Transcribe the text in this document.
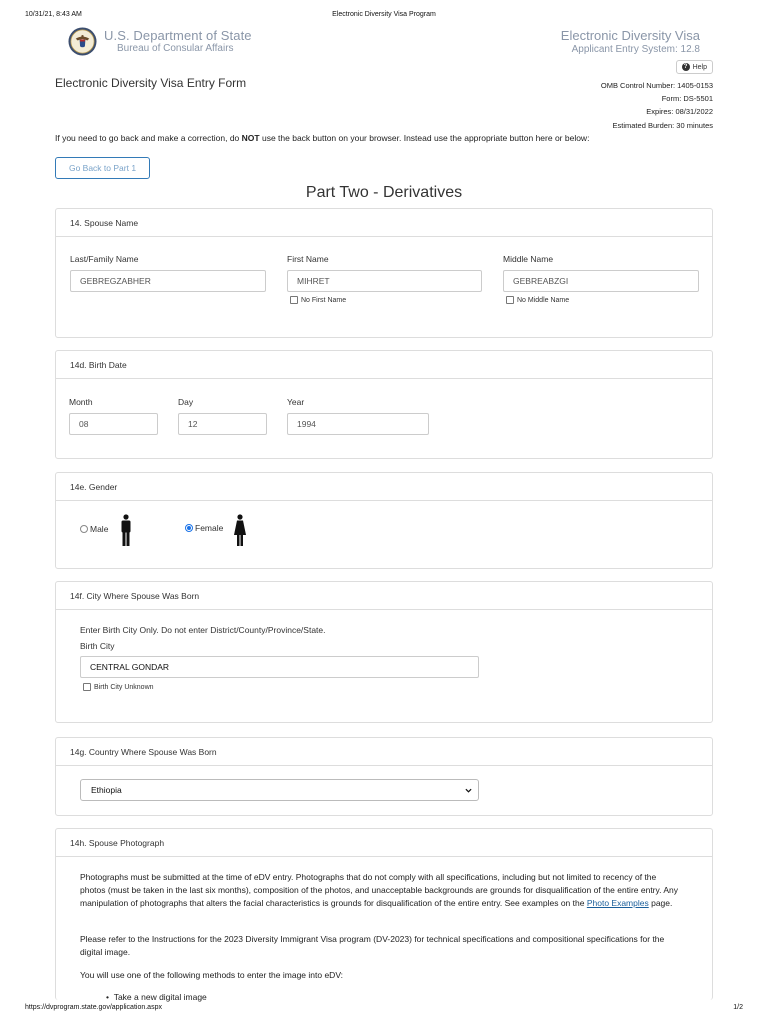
10/31/21, 8:43 AM	Electronic Diversity Visa Program
U.S. Department of State
Bureau of Consular Affairs
Electronic Diversity Visa
Applicant Entry System: 12.8
? Help
Electronic Diversity Visa Entry Form	OMB Control Number: 1405-0153
Form: DS-5501
Expires: 08/31/2022
Estimated Burden: 30 minutes
If you need to go back and make a correction, do NOT use the back button on your browser. Instead use the appropriate button here or below:
Go Back to Part 1
Part Two - Derivatives
14. Spouse Name
Last/Family Name
GEBREGZABHER
First Name
MIHRET
No First Name
Middle Name
GEBREABZGI
No Middle Name
14d. Birth Date
Month
08
Day
12
Year
1994
14e. Gender
Male	Female
14f. City Where Spouse Was Born
Enter Birth City Only. Do not enter District/County/Province/State.
Birth City
CENTRAL GONDAR
Birth City Unknown
14g. Country Where Spouse Was Born
Ethiopia
14h. Spouse Photograph
Photographs must be submitted at the time of eDV entry. Photographs that do not comply with all specifications, including but not limited to recency of the photos (must be taken in the last six months), composition of the photos, and unacceptable backgrounds are grounds for disqualification of the entire entry. Any manipulation of photographs that alters the facial characteristics is grounds for disqualification of the entire entry. See examples on the Photo Examples page.
Please refer to the Instructions for the 2023 Diversity Immigrant Visa program (DV-2023) for technical specifications and compositional specifications for the digital image.
You will use one of the following methods to enter the image into eDV:
•  Take a new digital image
https://dvprogram.state.gov/application.aspx	1/2
